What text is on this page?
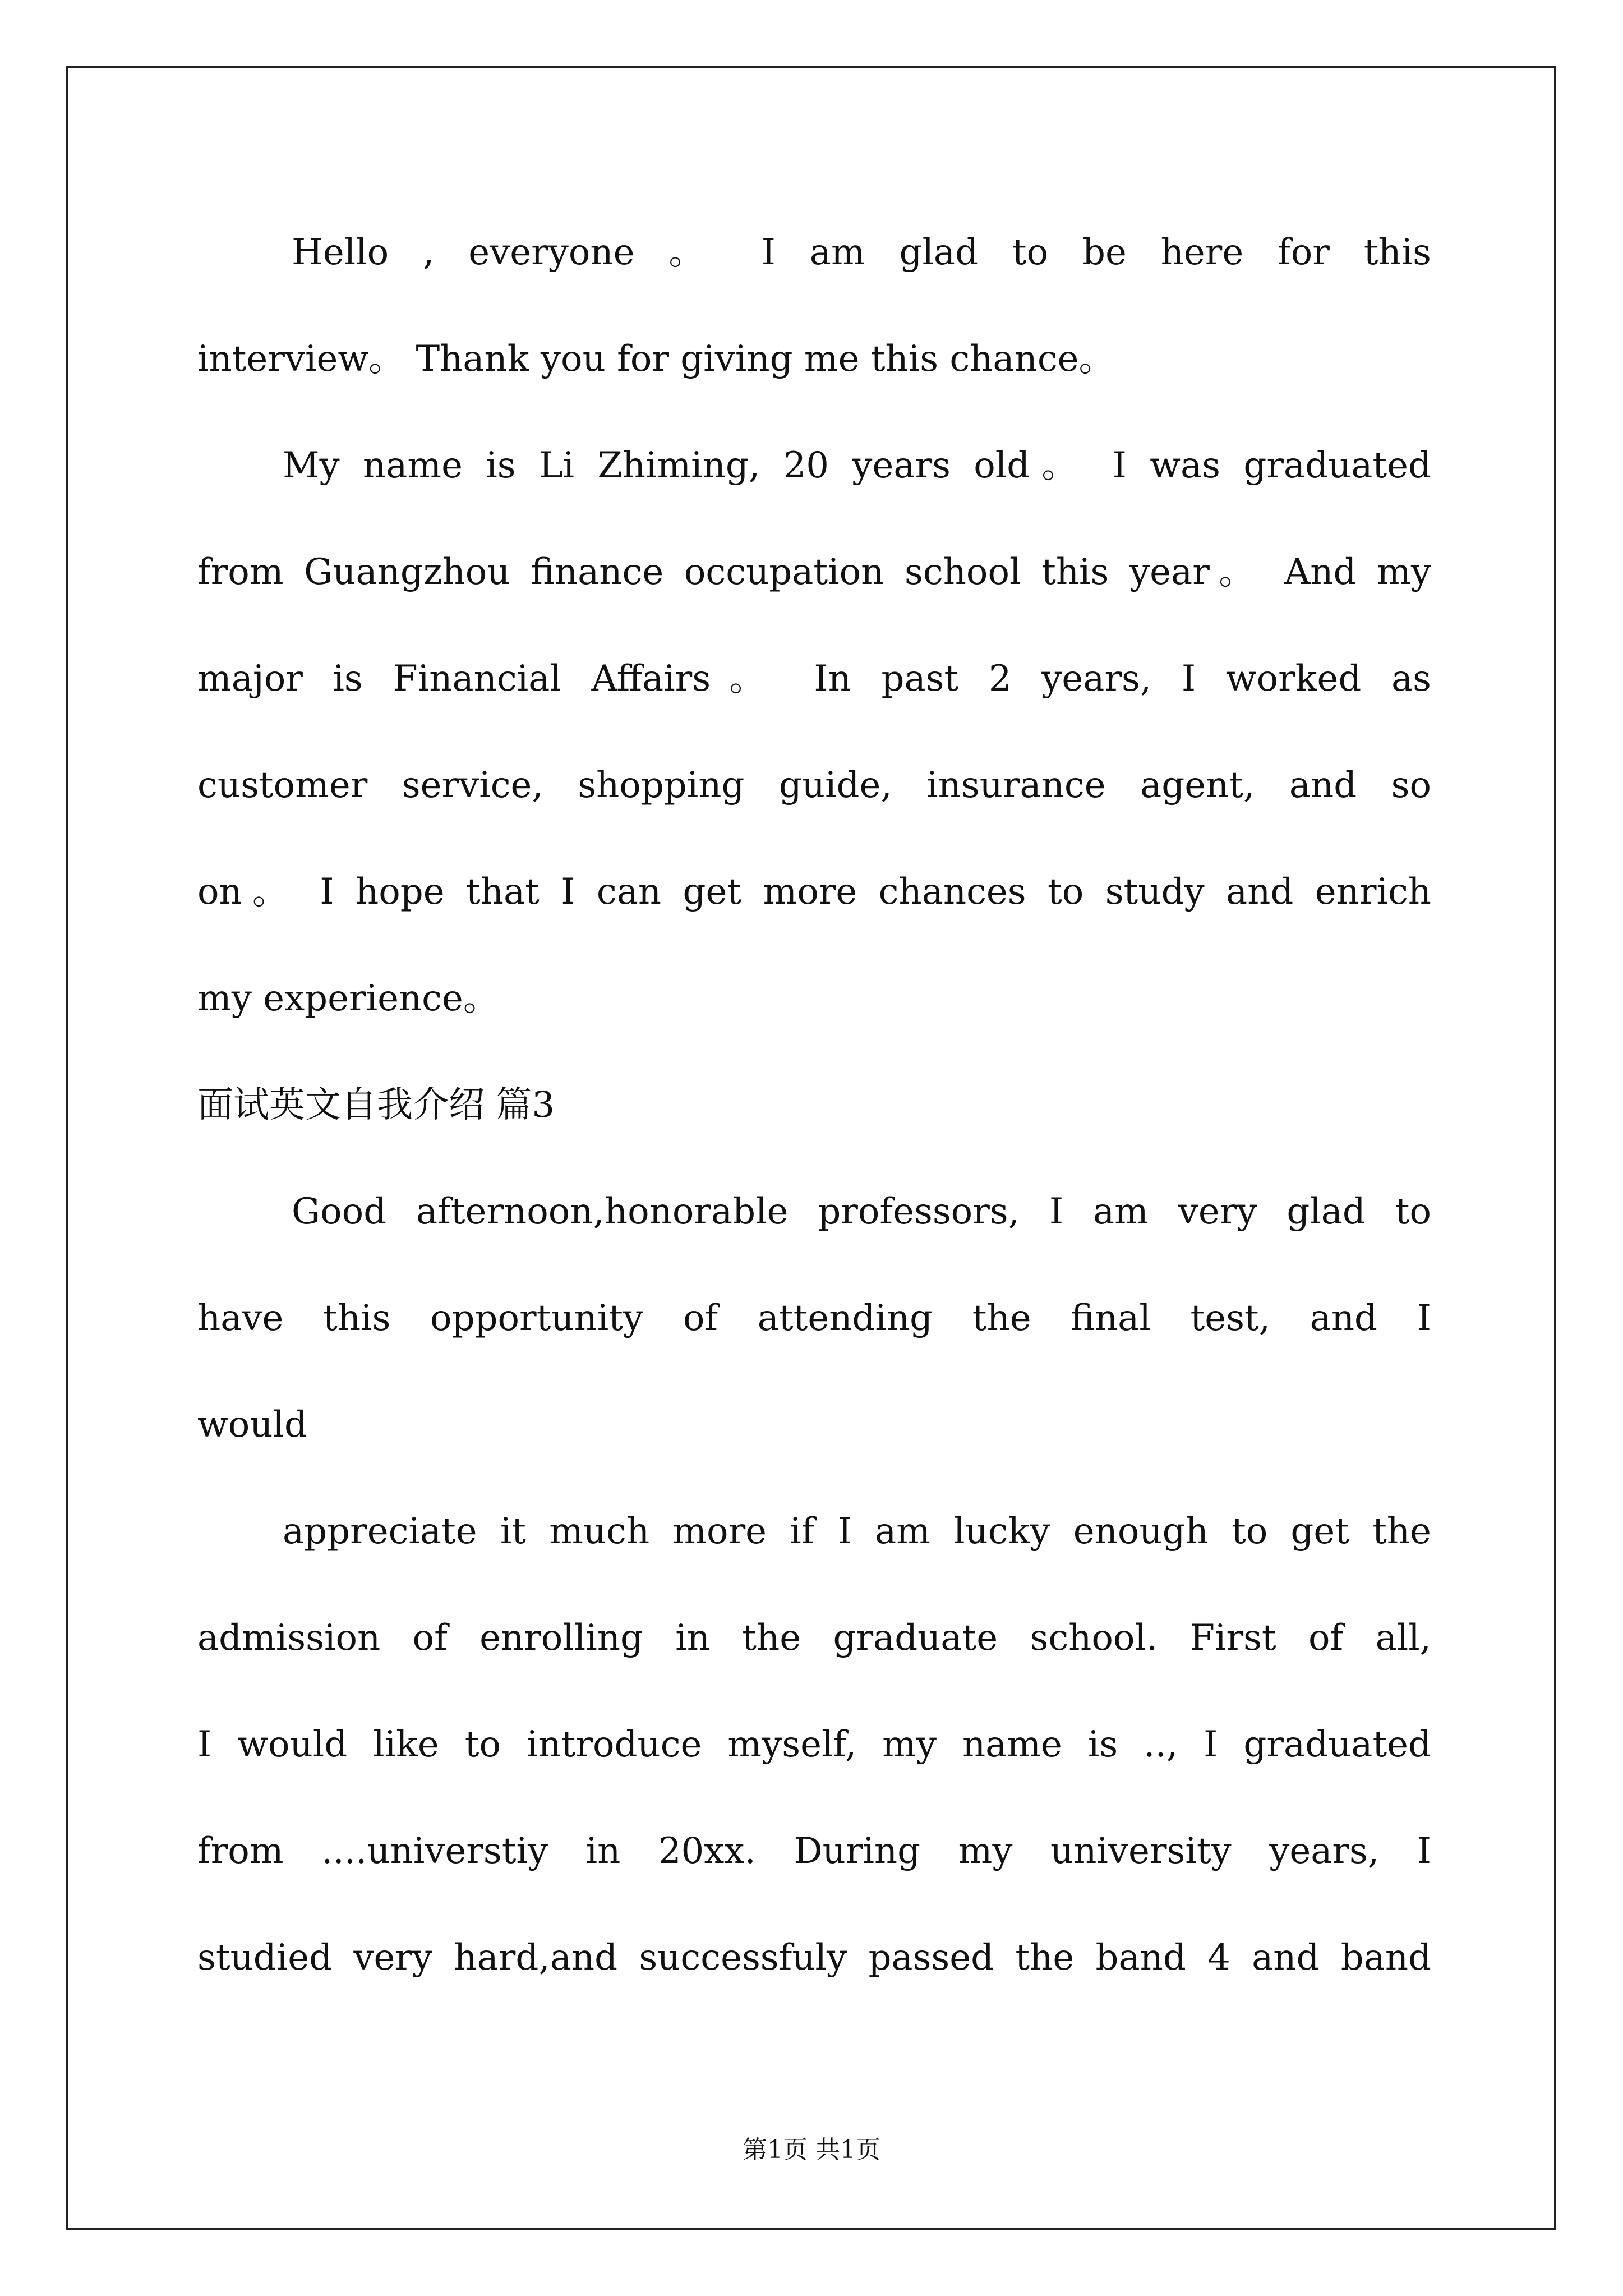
Hello , everyone 。 I am glad to be here for this
interview。 Thank you for giving me this chance。
My name is Li Zhiming, 20 years old。 I was graduated
from Guangzhou finance occupation school this year。 And my
major is Financial Affairs。 In past 2 years, I worked as
customer service, shopping guide, insurance agent, and so
on。 I hope that I can get more chances to study and enrich
my experience。
面试英文自我介绍 篇3
Good afternoon,honorable professors, I am very glad to
have this opportunity of attending the final test, and I
would
appreciate it much more if I am lucky enough to get the
admission of enrolling in the graduate school. First of all,
I would like to introduce myself, my name is .., I graduated
from ....universtiy in 20xx. During my university years, I
studied very hard,and successfuly passed the band 4 and band
第1页 共1页
